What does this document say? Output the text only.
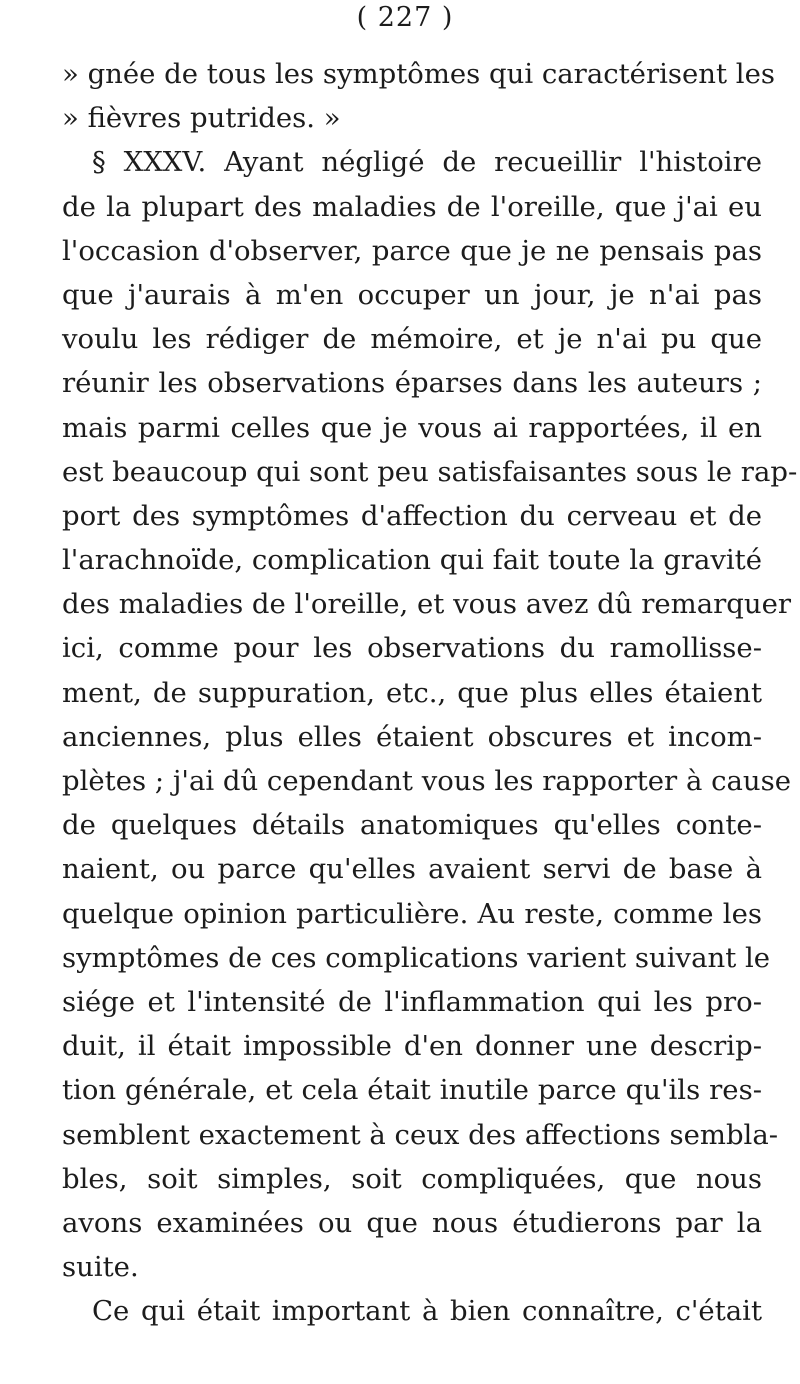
( 227 )
» gnée de tous les symptômes qui caractérisent les
» fièvres putrides. »
§ XXXV. Ayant négligé de recueillir l'histoire
de la plupart des maladies de l'oreille, que j'ai eu
l'occasion d'observer, parce que je ne pensais pas
que j'aurais à m'en occuper un jour, je n'ai pas
voulu les rédiger de mémoire, et je n'ai pu que
réunir les observations éparses dans les auteurs ;
mais parmi celles que je vous ai rapportées, il en
est beaucoup qui sont peu satisfaisantes sous le rap-
port des symptômes d'affection du cerveau et de
l'arachnoïde, complication qui fait toute la gravité
des maladies de l'oreille, et vous avez dû remarquer
ici, comme pour les observations du ramollisse-
ment, de suppuration, etc., que plus elles étaient
anciennes, plus elles étaient obscures et incom-
plètes ; j'ai dû cependant vous les rapporter à cause
de quelques détails anatomiques qu'elles conte-
naient, ou parce qu'elles avaient servi de base à
quelque opinion particulière. Au reste, comme les
symptômes de ces complications varient suivant le
siége et l'intensité de l'inflammation qui les pro-
duit, il était impossible d'en donner une descrip-
tion générale, et cela était inutile parce qu'ils res-
semblent exactement à ceux des affections sembla-
bles, soit simples, soit compliquées, que nous
avons examinées ou que nous étudierons par la
suite.
Ce qui était important à bien connaître, c'était
